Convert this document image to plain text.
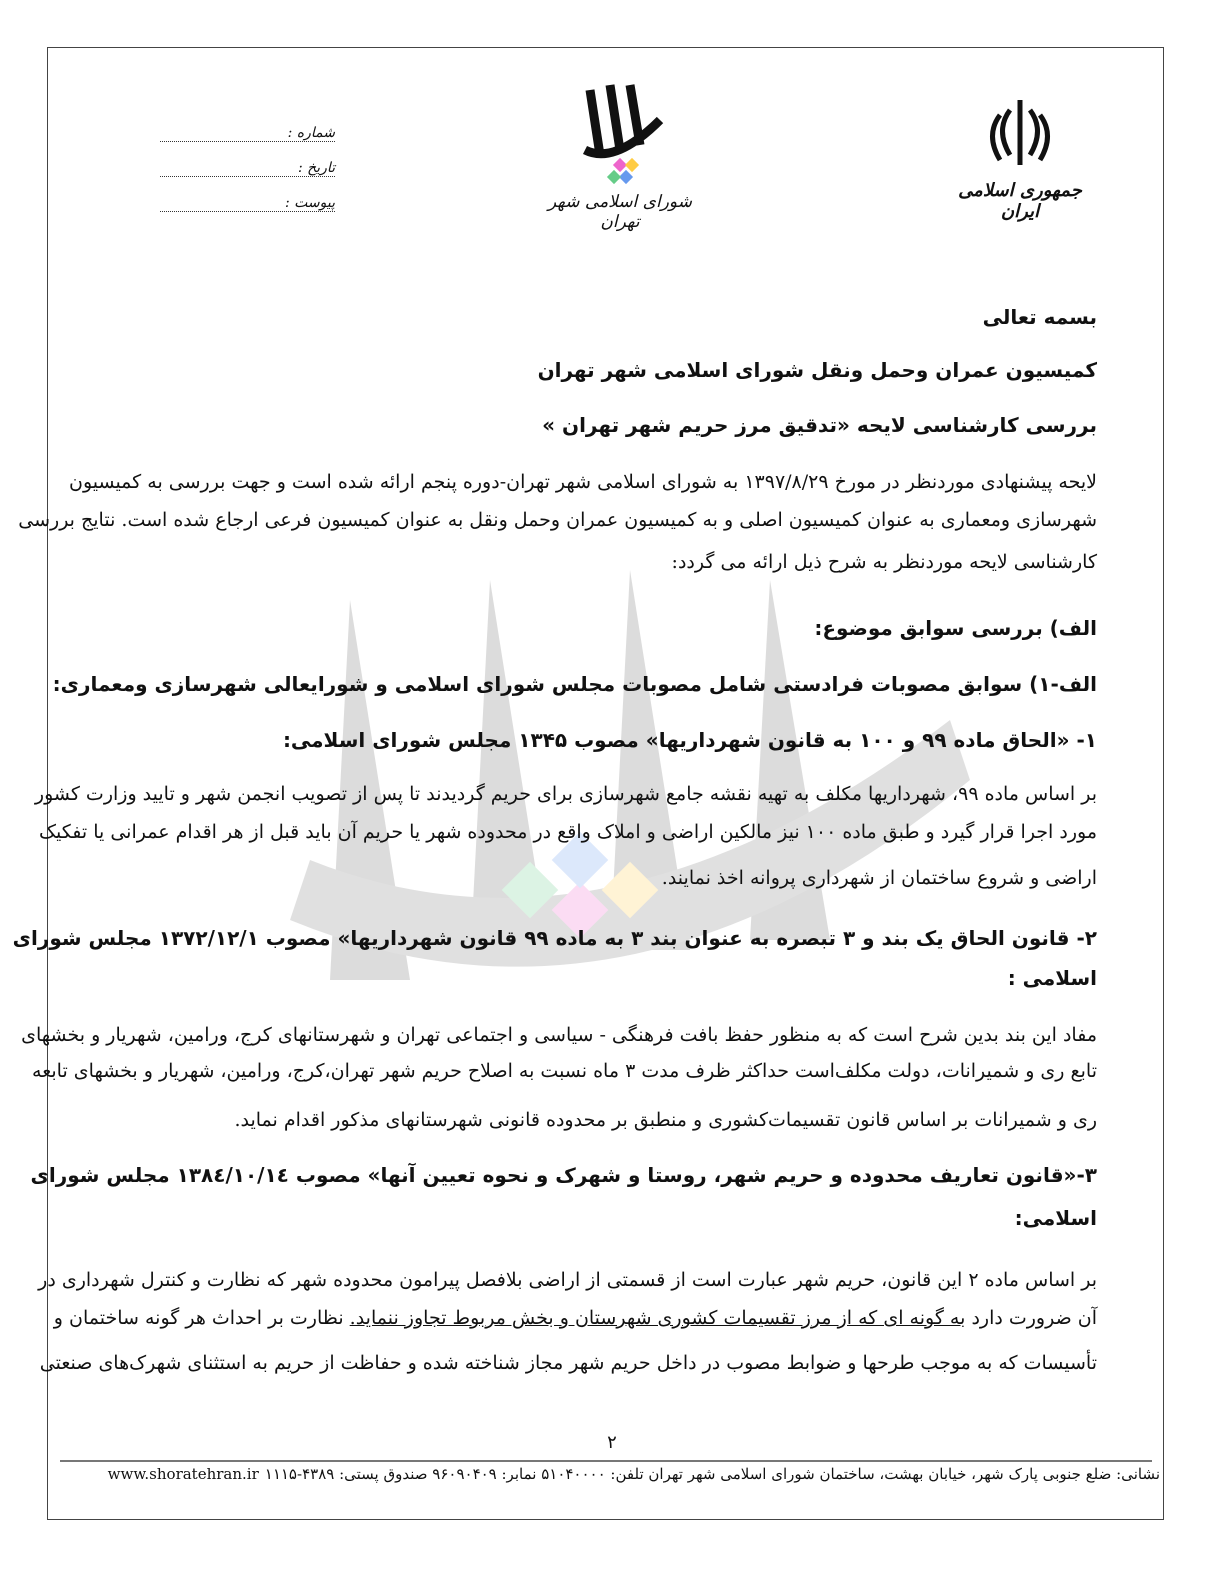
جمهوری اسلامی ایران
شورای اسلامی شهر تهران
شماره :
تاریخ :
پیوست :
بسمه تعالی
کمیسیون عمران وحمل ونقل شورای اسلامی شهر تهران
بررسی کارشناسی لایحه «تدقیق مرز حریم شهر تهران »
لایحه پیشنهادی موردنظر در مورخ ۱۳۹۷/۸/۲۹ به شورای اسلامی شهر تهران-دوره پنجم ارائه شده است و جهت بررسی به کمیسیون
شهرسازی ومعماری به عنوان کمیسیون اصلی و به کمیسیون عمران وحمل ونقل به عنوان کمیسیون فرعی ارجاع شده است. نتایج بررسی
کارشناسی لایحه موردنظر به شرح ذیل ارائه می گردد:
الف) بررسی سوابق موضوع:
الف-۱) سوابق مصوبات فرادستی شامل مصوبات مجلس شورای اسلامی و شورایعالی شهرسازی ومعماری:
۱- «الحاق ماده ۹۹ و ۱۰۰ به قانون شهرداریها» مصوب ۱۳۴۵ مجلس شورای اسلامی:
بر اساس ماده ۹۹، شهرداریها مکلف به تهیه نقشه جامع شهرسازی برای حریم گردیدند تا پس از تصویب انجمن شهر و تایید وزارت کشور
مورد اجرا قرار گیرد و طبق ماده ۱۰۰ نیز مالکین اراضی و املاک واقع در محدوده شهر یا حریم آن باید قبل از هر اقدام عمرانی یا تفکیک
اراضی و شروع ساختمان از شهرداری پروانه اخذ نمایند.
۲- قانون الحاق یک بند و ۳ تبصره به عنوان بند ۳ به ماده ۹۹ قانون شهرداریها» مصوب ۱۳۷۲/۱۲/۱ مجلس شورای
اسلامی :
مفاد این بند بدین شرح است که به منظور حفظ بافت فرهنگی - سیاسی و اجتماعی تهران و شهرستانهای کرج، ورامین، شهریار و بخشهای
تابع ری و شمیرانات، دولت مکلف‌است حداکثر ظرف مدت ۳ ماه نسبت به اصلاح حریم شهر تهران،کرج، ورامین، شهریار و بخشهای تابعه
ری و شمیرانات بر اساس قانون تقسیمات‌کشوری و منطبق بر محدوده قانونی شهرستانهای مذکور اقدام نماید.
۳-«قانون تعاریف محدوده و حریم شهر، روستا و شهرک و نحوه تعیین آنها» مصوب ۱۳۸٤/۱۰/۱٤ مجلس شورای
اسلامی:
بر اساس ماده ۲ این قانون، حریم شهر عبارت است از قسمتی از اراضی بلافصل پیرامون محدوده شهر که نظارت و کنترل شهرداری در
آن ضرورت دارد به گونه ای که از مرز تقسیمات کشوری شهرستان و بخش مربوط تجاوز ننماید. نظارت بر احداث هر گونه ساختمان و
تأسیسات که به موجب طرحها و ضوابط مصوب در داخل حریم شهر مجاز شناخته شده و حفاظت از حریم به استثنای شهرک‌های صنعتی
۲
نشانی: ضلع جنوبی پارک شهر، خیابان بهشت، ساختمان شورای اسلامی شهر تهران تلفن: ۵۱۰۴۰۰۰۰ نمابر: ۹۶۰۹۰۴۰۹ صندوق پستی: ۴۳۸۹-۱۱۱۵
www.shoratehran.ir
